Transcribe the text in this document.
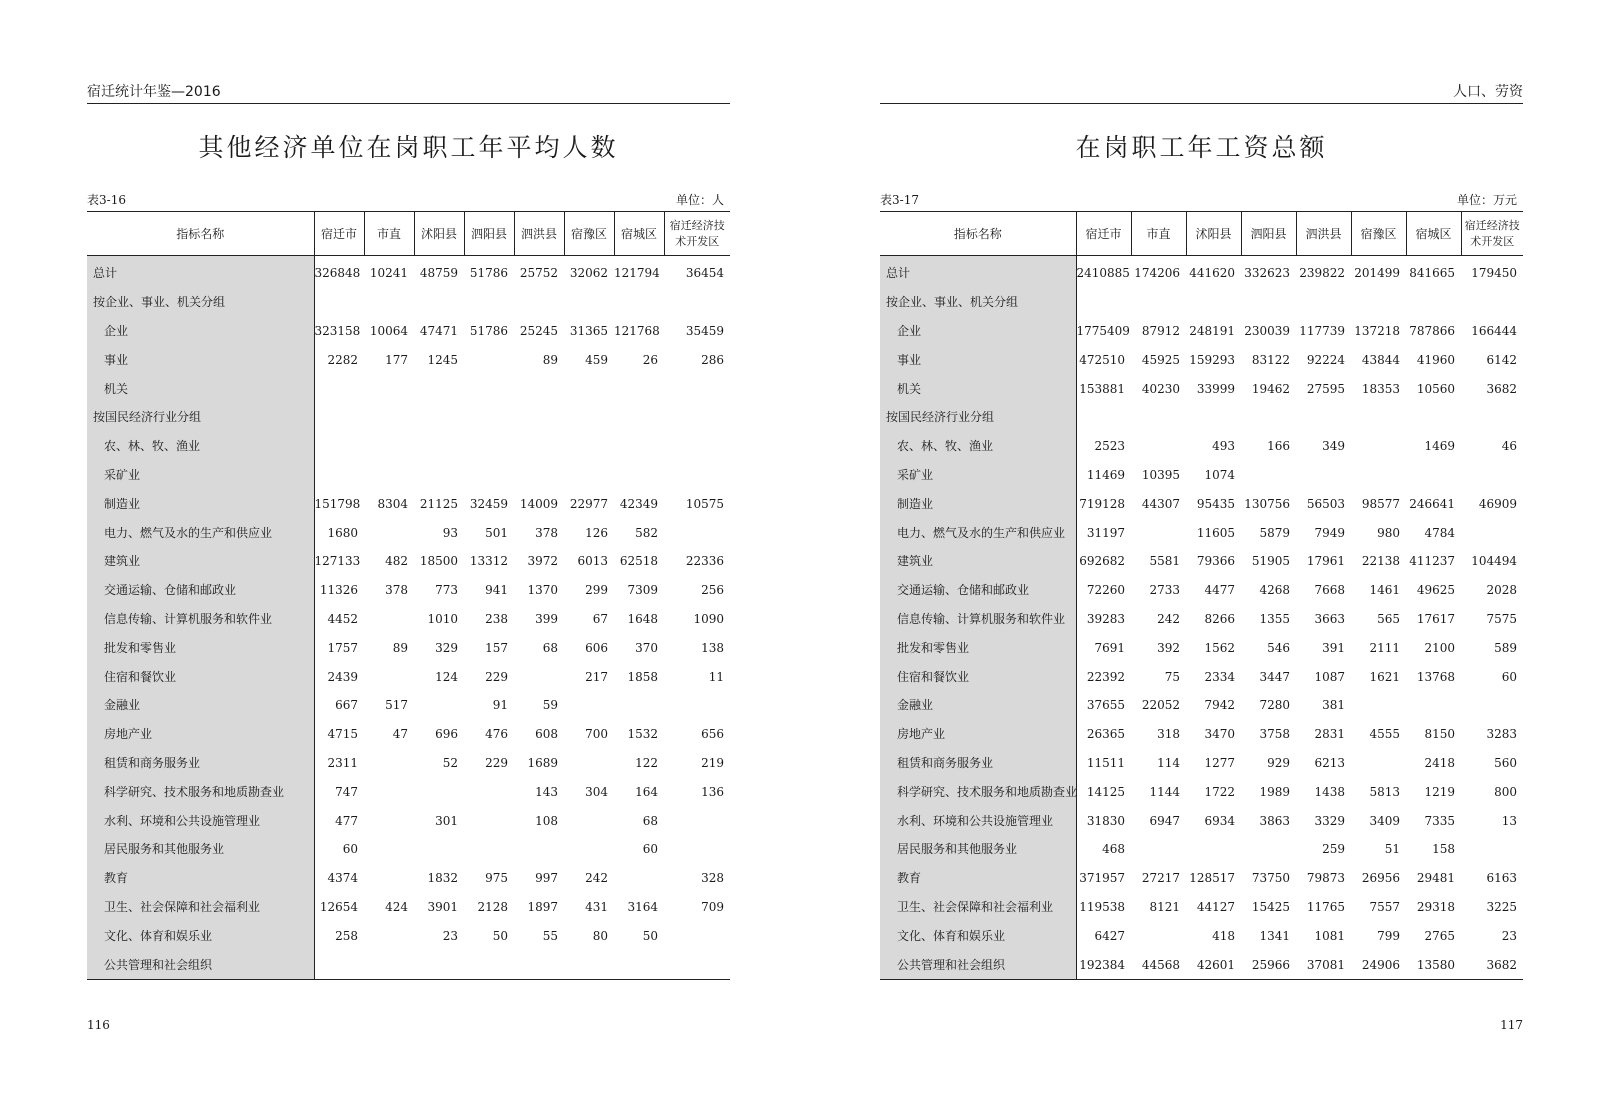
宿迁统计年鉴—2016
其他经济单位在岗职工年平均人数
表3-16	单位：人
指标名称	宿迁市	市直	沭阳县	泗阳县	泗洪县	宿豫区	宿城区	宿迁经济技术开发区
总计	326848	10241	48759	51786	25752	32062	121794	36454
按企业、事业、机关分组								
企业	323158	10064	47471	51786	25245	31365	121768	35459
事业	2282	177	1245		89	459	26	286
机关								
按国民经济行业分组								
农、林、牧、渔业								
采矿业								
制造业	151798	8304	21125	32459	14009	22977	42349	10575
电力、燃气及水的生产和供应业	1680		93	501	378	126	582	
建筑业	127133	482	18500	13312	3972	6013	62518	22336
交通运输、仓储和邮政业	11326	378	773	941	1370	299	7309	256
信息传输、计算机服务和软件业	4452		1010	238	399	67	1648	1090
批发和零售业	1757	89	329	157	68	606	370	138
住宿和餐饮业	2439		124	229		217	1858	11
金融业	667	517		91	59			
房地产业	4715	47	696	476	608	700	1532	656
租赁和商务服务业	2311		52	229	1689		122	219
科学研究、技术服务和地质勘查业	747				143	304	164	136
水利、环境和公共设施管理业	477		301		108		68	
居民服务和其他服务业	60						60	
教育	4374		1832	975	997	242		328
卫生、社会保障和社会福利业	12654	424	3901	2128	1897	431	3164	709
文化、体育和娱乐业	258		23	50	55	80	50	
公共管理和社会组织								
116
人口、劳资
在岗职工年工资总额
表3-17	单位：万元
指标名称	宿迁市	市直	沭阳县	泗阳县	泗洪县	宿豫区	宿城区	宿迁经济技术开发区
总计	2410885	174206	441620	332623	239822	201499	841665	179450
按企业、事业、机关分组								
企业	1775409	87912	248191	230039	117739	137218	787866	166444
事业	472510	45925	159293	83122	92224	43844	41960	6142
机关	153881	40230	33999	19462	27595	18353	10560	3682
按国民经济行业分组								
农、林、牧、渔业	2523		493	166	349		1469	46
采矿业	11469	10395	1074					
制造业	719128	44307	95435	130756	56503	98577	246641	46909
电力、燃气及水的生产和供应业	31197		11605	5879	7949	980	4784	
建筑业	692682	5581	79366	51905	17961	22138	411237	104494
交通运输、仓储和邮政业	72260	2733	4477	4268	7668	1461	49625	2028
信息传输、计算机服务和软件业	39283	242	8266	1355	3663	565	17617	7575
批发和零售业	7691	392	1562	546	391	2111	2100	589
住宿和餐饮业	22392	75	2334	3447	1087	1621	13768	60
金融业	37655	22052	7942	7280	381			
房地产业	26365	318	3470	3758	2831	4555	8150	3283
租赁和商务服务业	11511	114	1277	929	6213		2418	560
科学研究、技术服务和地质勘查业	14125	1144	1722	1989	1438	5813	1219	800
水利、环境和公共设施管理业	31830	6947	6934	3863	3329	3409	7335	13
居民服务和其他服务业	468				259	51	158	
教育	371957	27217	128517	73750	79873	26956	29481	6163
卫生、社会保障和社会福利业	119538	8121	44127	15425	11765	7557	29318	3225
文化、体育和娱乐业	6427		418	1341	1081	799	2765	23
公共管理和社会组织	192384	44568	42601	25966	37081	24906	13580	3682
117
